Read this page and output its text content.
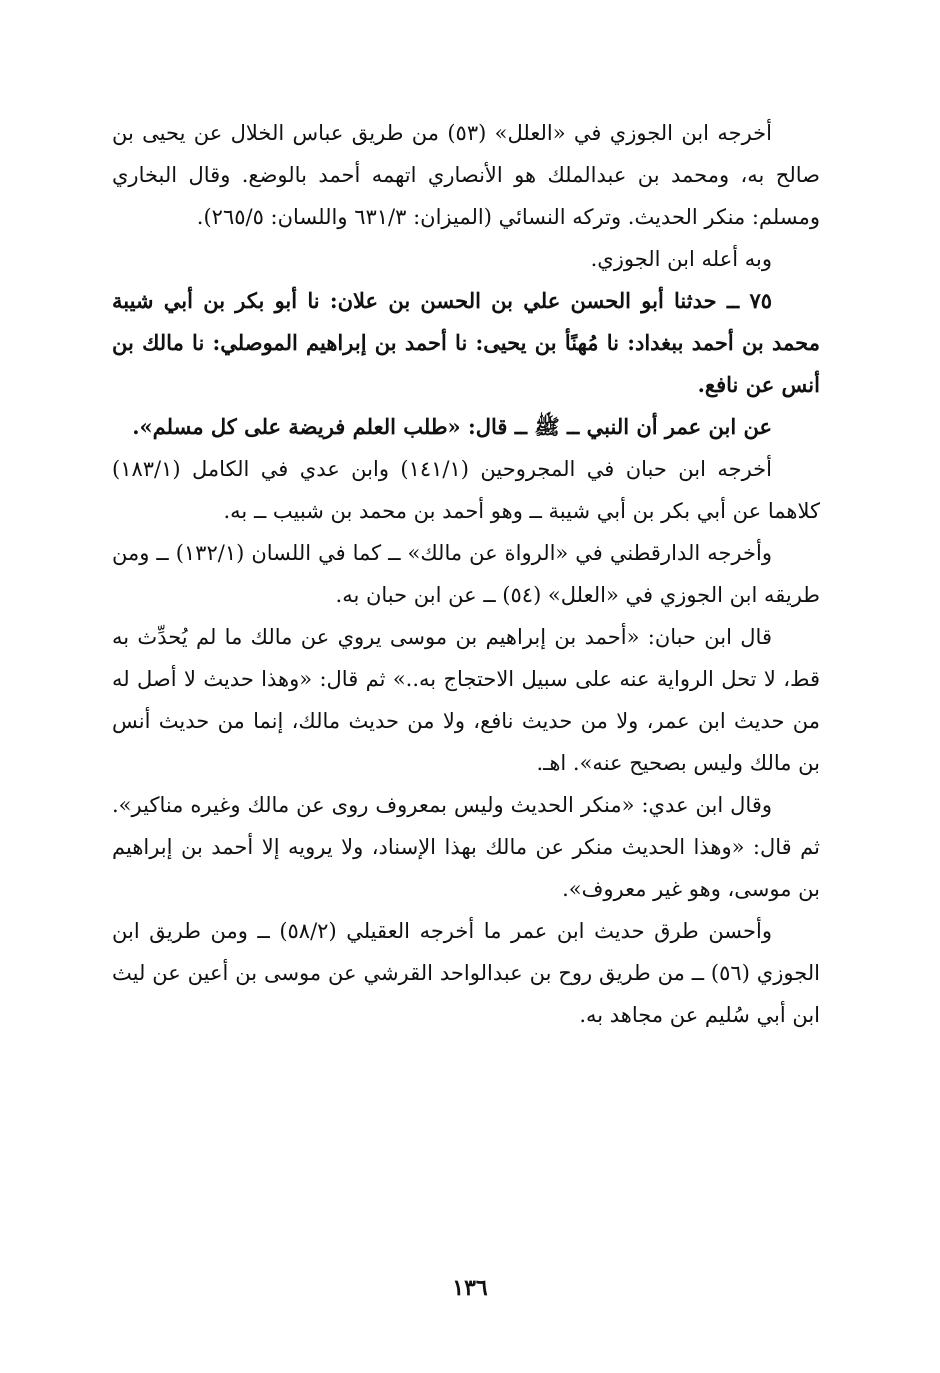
أخرجه ابن الجوزي في «العلل» (٥٣) من طريق عباس الخلال عن يحيى بن صالح به، ومحمد بن عبدالملك هو الأنصاري اتهمه أحمد بالوضع. وقال البخاري ومسلم: منكر الحديث. وتركه النسائي (الميزان: ٦٣١/٣ واللسان: ٢٦٥/٥).

وبه أعله ابن الجوزي.

٧٥ ــ حدثنا أبو الحسن علي بن الحسن بن علان: نا أبو بكر بن أبي شيبة محمد بن أحمد ببغداد: نا مُهنًأ بن يحيى: نا أحمد بن إبراهيم الموصلي: نا مالك بن أنس عن نافع.

عن ابن عمر أن النبي ــ ﷺ ــ قال: «طلب العلم فريضة على كل مسلم».

أخرجه ابن حبان في المجروحين (١٤١/١) وابن عدي في الكامل (١٨٣/١) كلاهما عن أبي بكر بن أبي شيبة ــ وهو أحمد بن محمد بن شبيب ــ به.

وأخرجه الدارقطني في «الرواة عن مالك» ــ كما في اللسان (١٣٢/١) ــ ومن طريقه ابن الجوزي في «العلل» (٥٤) ــ عن ابن حبان به.

قال ابن حبان: «أحمد بن إبراهيم بن موسى يروي عن مالك ما لم يُحدِّث به قط، لا تحل الرواية عنه على سبيل الاحتجاج به..» ثم قال: «وهذا حديث لا أصل له من حديث ابن عمر، ولا من حديث نافع، ولا من حديث مالك، إنما من حديث أنس بن مالك وليس بصحيح عنه». اهـ.

وقال ابن عدي: «منكر الحديث وليس بمعروف روى عن مالك وغيره مناكير». ثم قال: «وهذا الحديث منكر عن مالك بهذا الإسناد، ولا يرويه إلا أحمد بن إبراهيم بن موسى، وهو غير معروف».

وأحسن طرق حديث ابن عمر ما أخرجه العقيلي (٥٨/٢) ــ ومن طريق ابن الجوزي (٥٦) ــ من طريق روح بن عبدالواحد القرشي عن موسى بن أعين عن ليث ابن أبي سُليم عن مجاهد به.

١٣٦
